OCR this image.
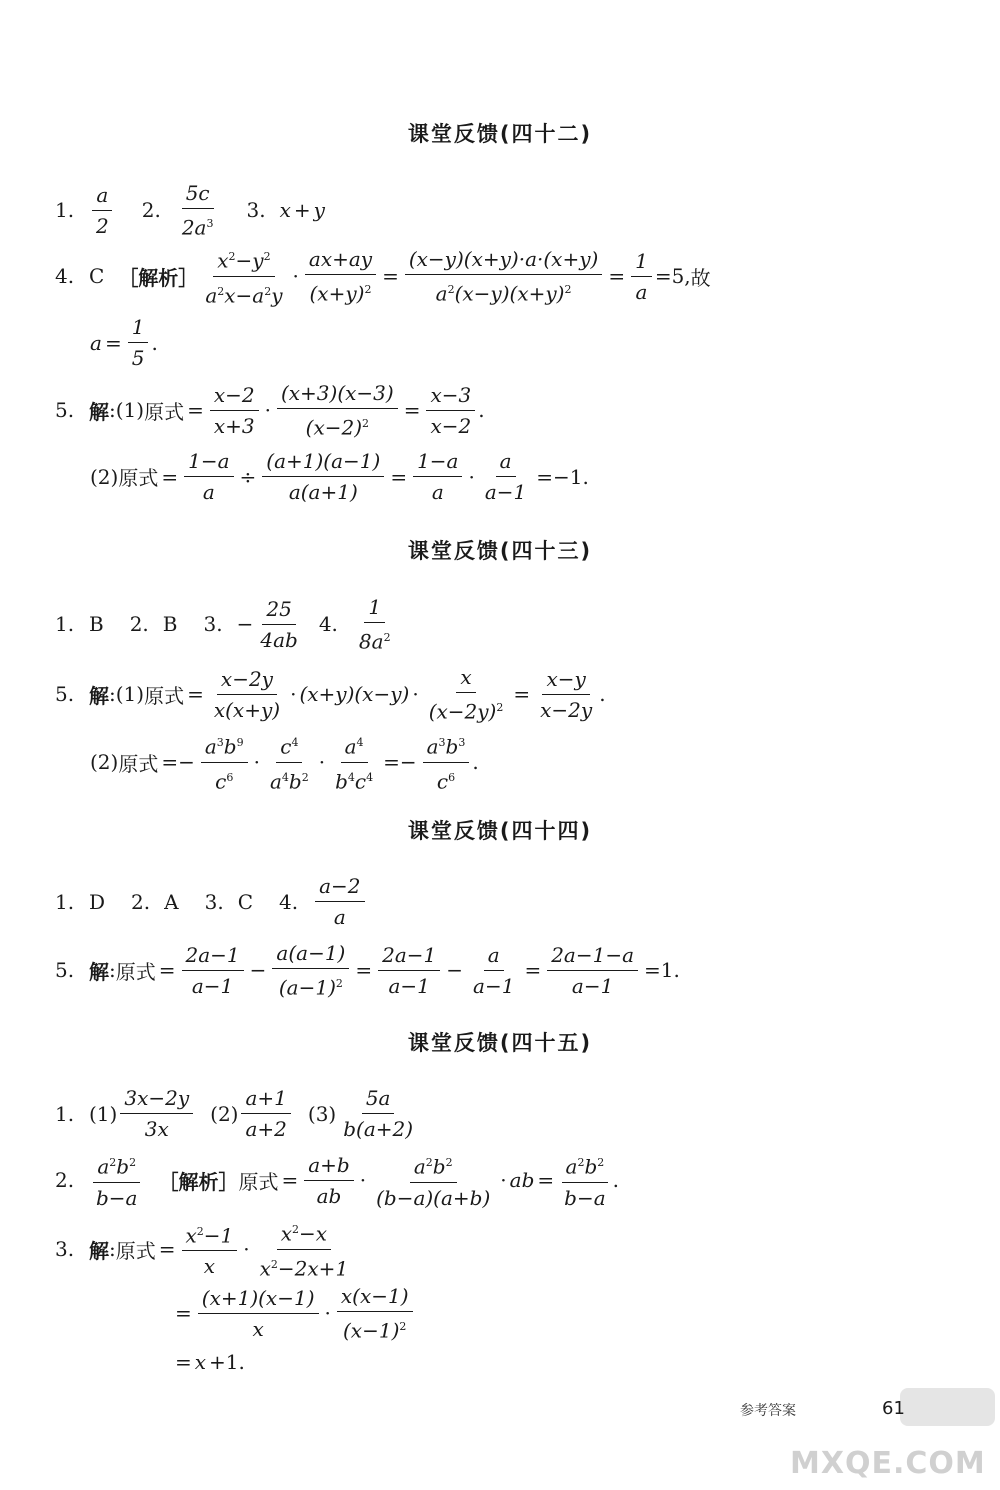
课堂反馈(四十二)
1. $\frac{a}{2} 2$. $\frac{5c}{2a^3} 3$. x + y
4. C ［解析］ $\frac{x^2-y^2}{a^2x-a^2y} \cdot \frac{ax+ay}{(x+y)^2} = \frac{(x-y)(x+y)\cdot a\cdot(x+y)}{a^2(x-y)(x+y)^2} = \frac{1}{a} =5$, 故
$a = \frac{1}{5}$ .
5. 解 :(1) 原式 = $\frac{x-2}{x+3} \cdot \frac{(x+3)(x-3)}{(x-2)^2} = \frac{x-3}{x-2}$ .
(2) 原式 = $\frac{1-a}{a} \div \frac{(a+1)(a-1)}{a(a+1)} = \frac{1-a}{a} \cdot \frac{a}{a-1} =-1$.
课堂反馈(四十三)
1. B 2. B 3. − $\frac{25}{4ab} 4$. $\frac{1}{8a^2}$
5. 解 :(1) 原式 = $\frac{x-2y}{x(x+y)} \cdot (x+y)(x-y) \cdot \frac{x}{(x-2y)^2} = \frac{x-y}{x-2y}$ .
(2) 原式 =− $\frac{a^3b^9}{c^6} \cdot \frac{c^4}{a^4b^2} \cdot \frac{a^4}{b^4c^4} =- \frac{a^3b^3}{c^6}$ .
课堂反馈(四十四)
1. D 2. A 3. C 4. $\frac{a-2}{a}$
5. 解 : 原式 = $\frac{2a-1}{a-1} - \frac{a(a-1)}{(a-1)^2} = \frac{2a-1}{a-1} - \frac{a}{a-1} = \frac{2a-1-a}{a-1} =1$.
课堂反馈(四十五)
1. $(1) \frac{3x-2y}{3x} (2) \frac{a+1}{a+2} (3) \frac{5a}{b(a+2)}$
2. $\frac{a^2b^2}{b-a}$ ［解析］ 原式 = $\frac{a+b}{ab} \cdot \frac{a^2b^2}{(b-a)(a+b)}$ · ab = $\frac{a^2b^2}{b-a}$ .
3. 解 : 原式 = $\frac{x^2-1}{x} \cdot \frac{x^2-x}{x^2-2x+1}$
= $\frac{(x+1)(x-1)}{x} \cdot \frac{x(x-1)}{(x-1)^2}$
= x +1.
参考答案	61
MXQE.COM
